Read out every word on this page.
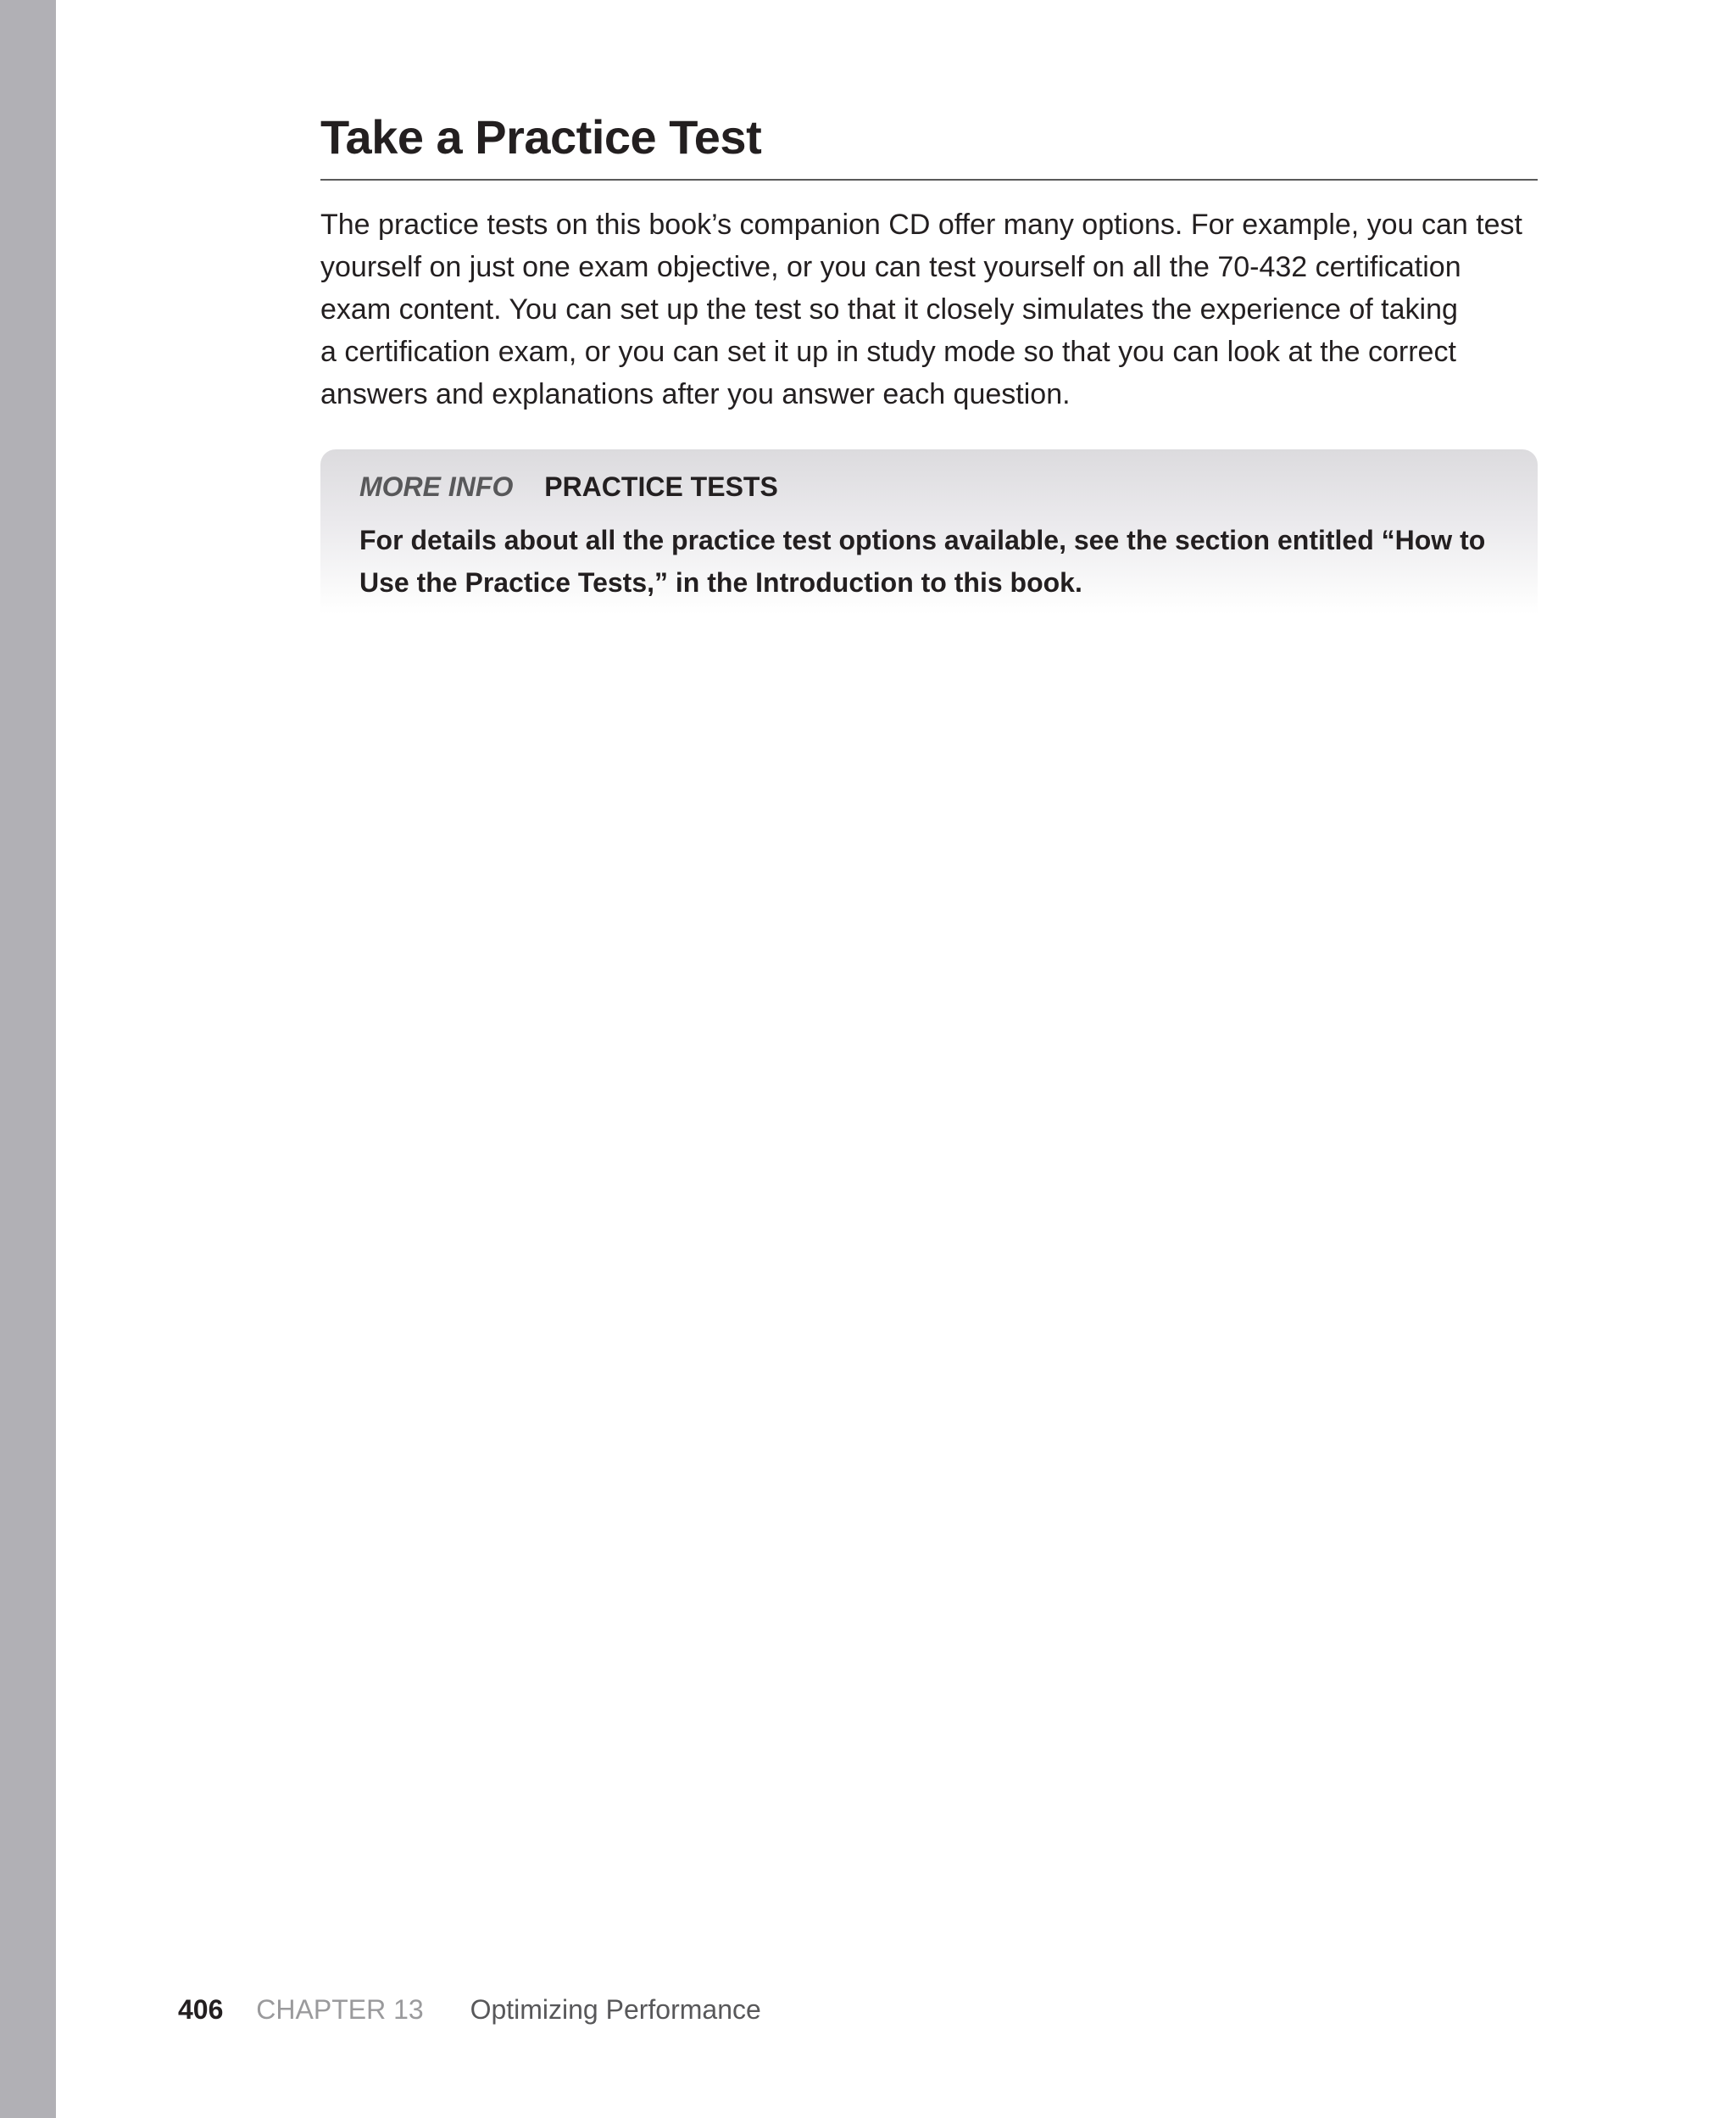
Take a Practice Test

The practice tests on this book’s companion CD offer many options. For example, you can test
yourself on just one exam objective, or you can test yourself on all the 70-432 certification
exam content. You can set up the test so that it closely simulates the experience of taking
a certification exam, or you can set it up in study mode so that you can look at the correct
answers and explanations after you answer each question.

MORE INFO PRACTICE TESTS
For details about all the practice test options available, see the section entitled “How to
Use the Practice Tests,” in the Introduction to this book.
406 CHAPTER 13 Optimizing Performance
